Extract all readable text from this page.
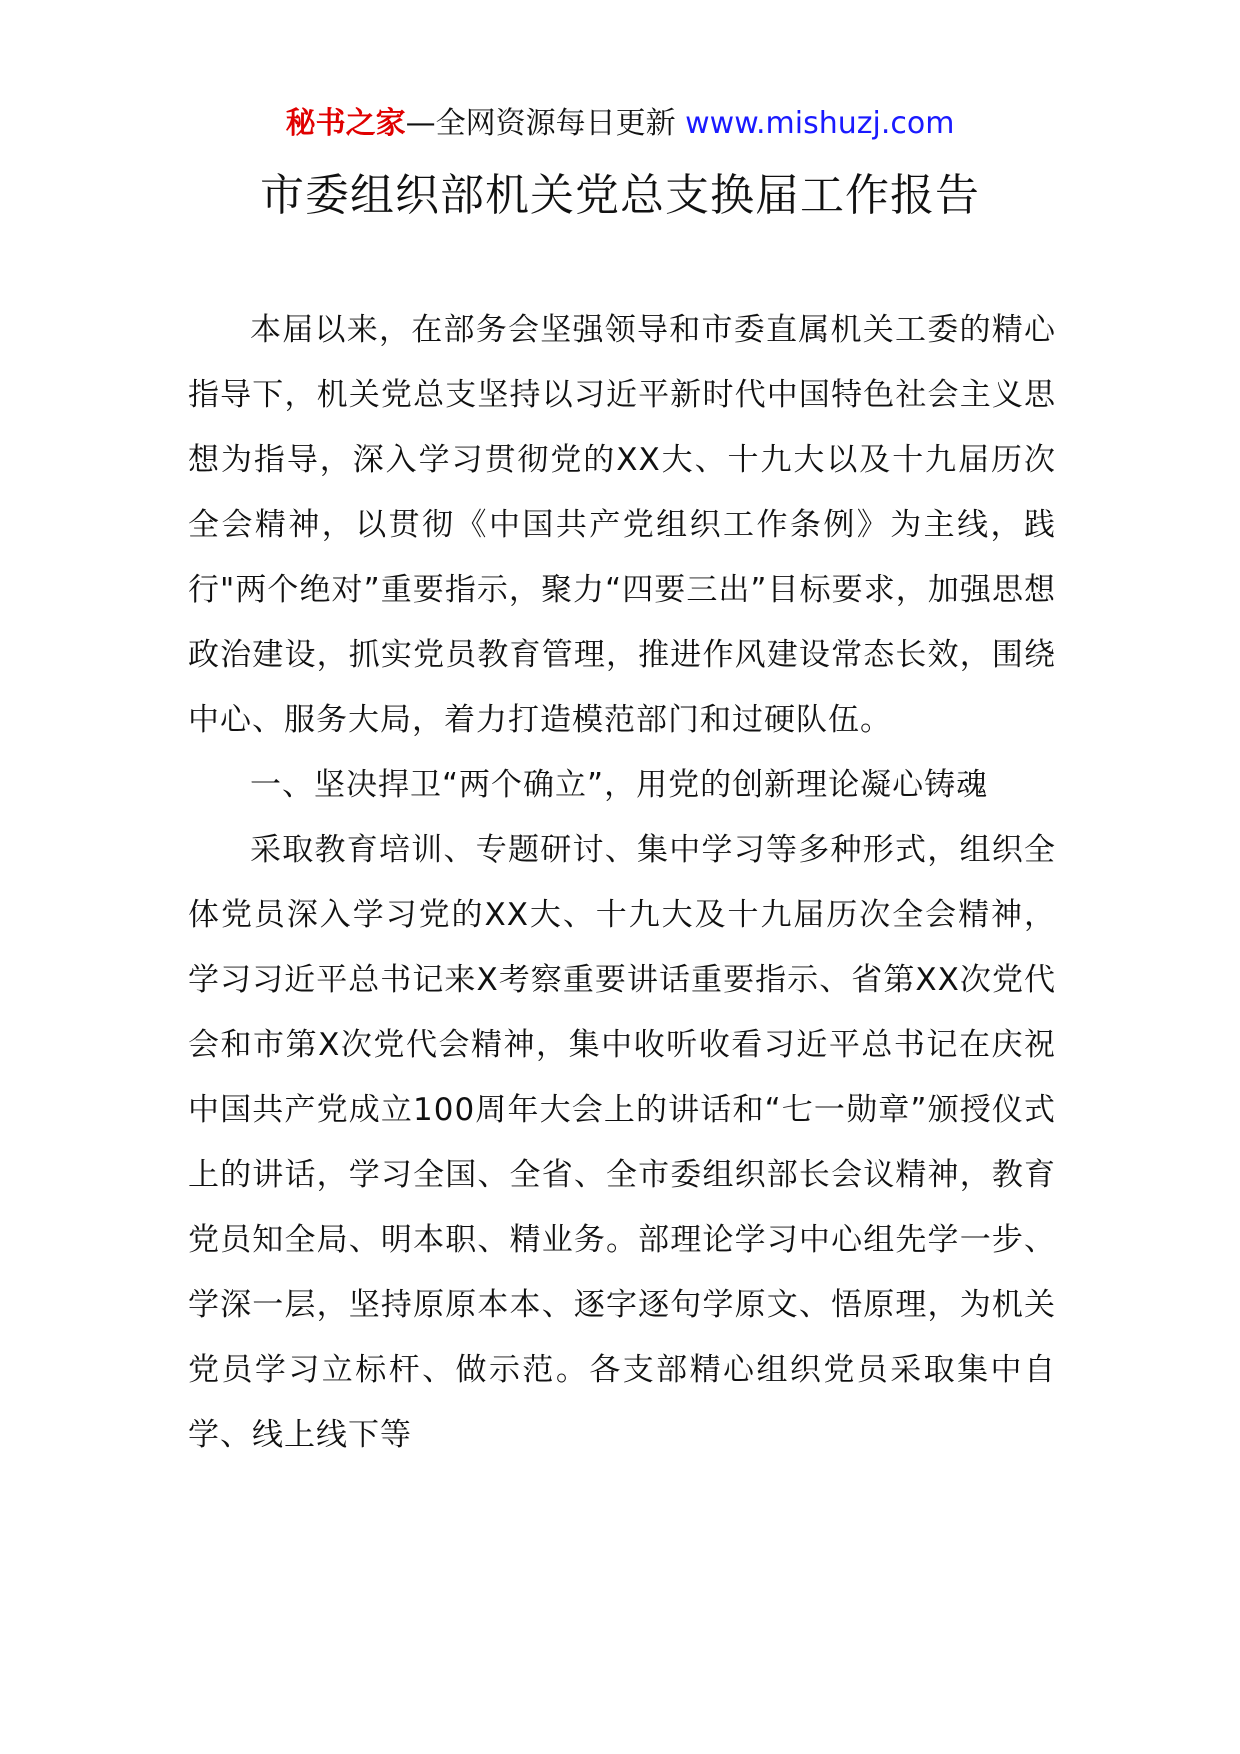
秘书之家—全网资源每日更新 www.mishuzj.com
市委组织部机关党总支换届工作报告

本届以来，在部务会坚强领导和市委直属机关工委的精心指导下，机关党总支坚持以习近平新时代中国特色社会主义思想为指导，深入学习贯彻党的XX大、十九大以及十九届历次全会精神，以贯彻《中国共产党组织工作条例》为主线，践行"两个绝对”重要指示，聚力“四要三出”目标要求，加强思想政治建设，抓实党员教育管理，推进作风建设常态长效，围绕中心、服务大局，着力打造模范部门和过硬队伍。

一、坚决捍卫“两个确立”，用党的创新理论凝心铸魂

采取教育培训、专题研讨、集中学习等多种形式，组织全体党员深入学习党的XX大、十九大及十九届历次全会精神，学习习近平总书记来X考察重要讲话重要指示、省第XX次党代会和市第X次党代会精神，集中收听收看习近平总书记在庆祝中国共产党成立100周年大会上的讲话和“七一勋章”颁授仪式上的讲话，学习全国、全省、全市委组织部长会议精神，教育党员知全局、明本职、精业务。部理论学习中心组先学一步、学深一层，坚持原原本本、逐字逐句学原文、悟原理，为机关党员学习立标杆、做示范。各支部精心组织党员采取集中自学、线上线下等
